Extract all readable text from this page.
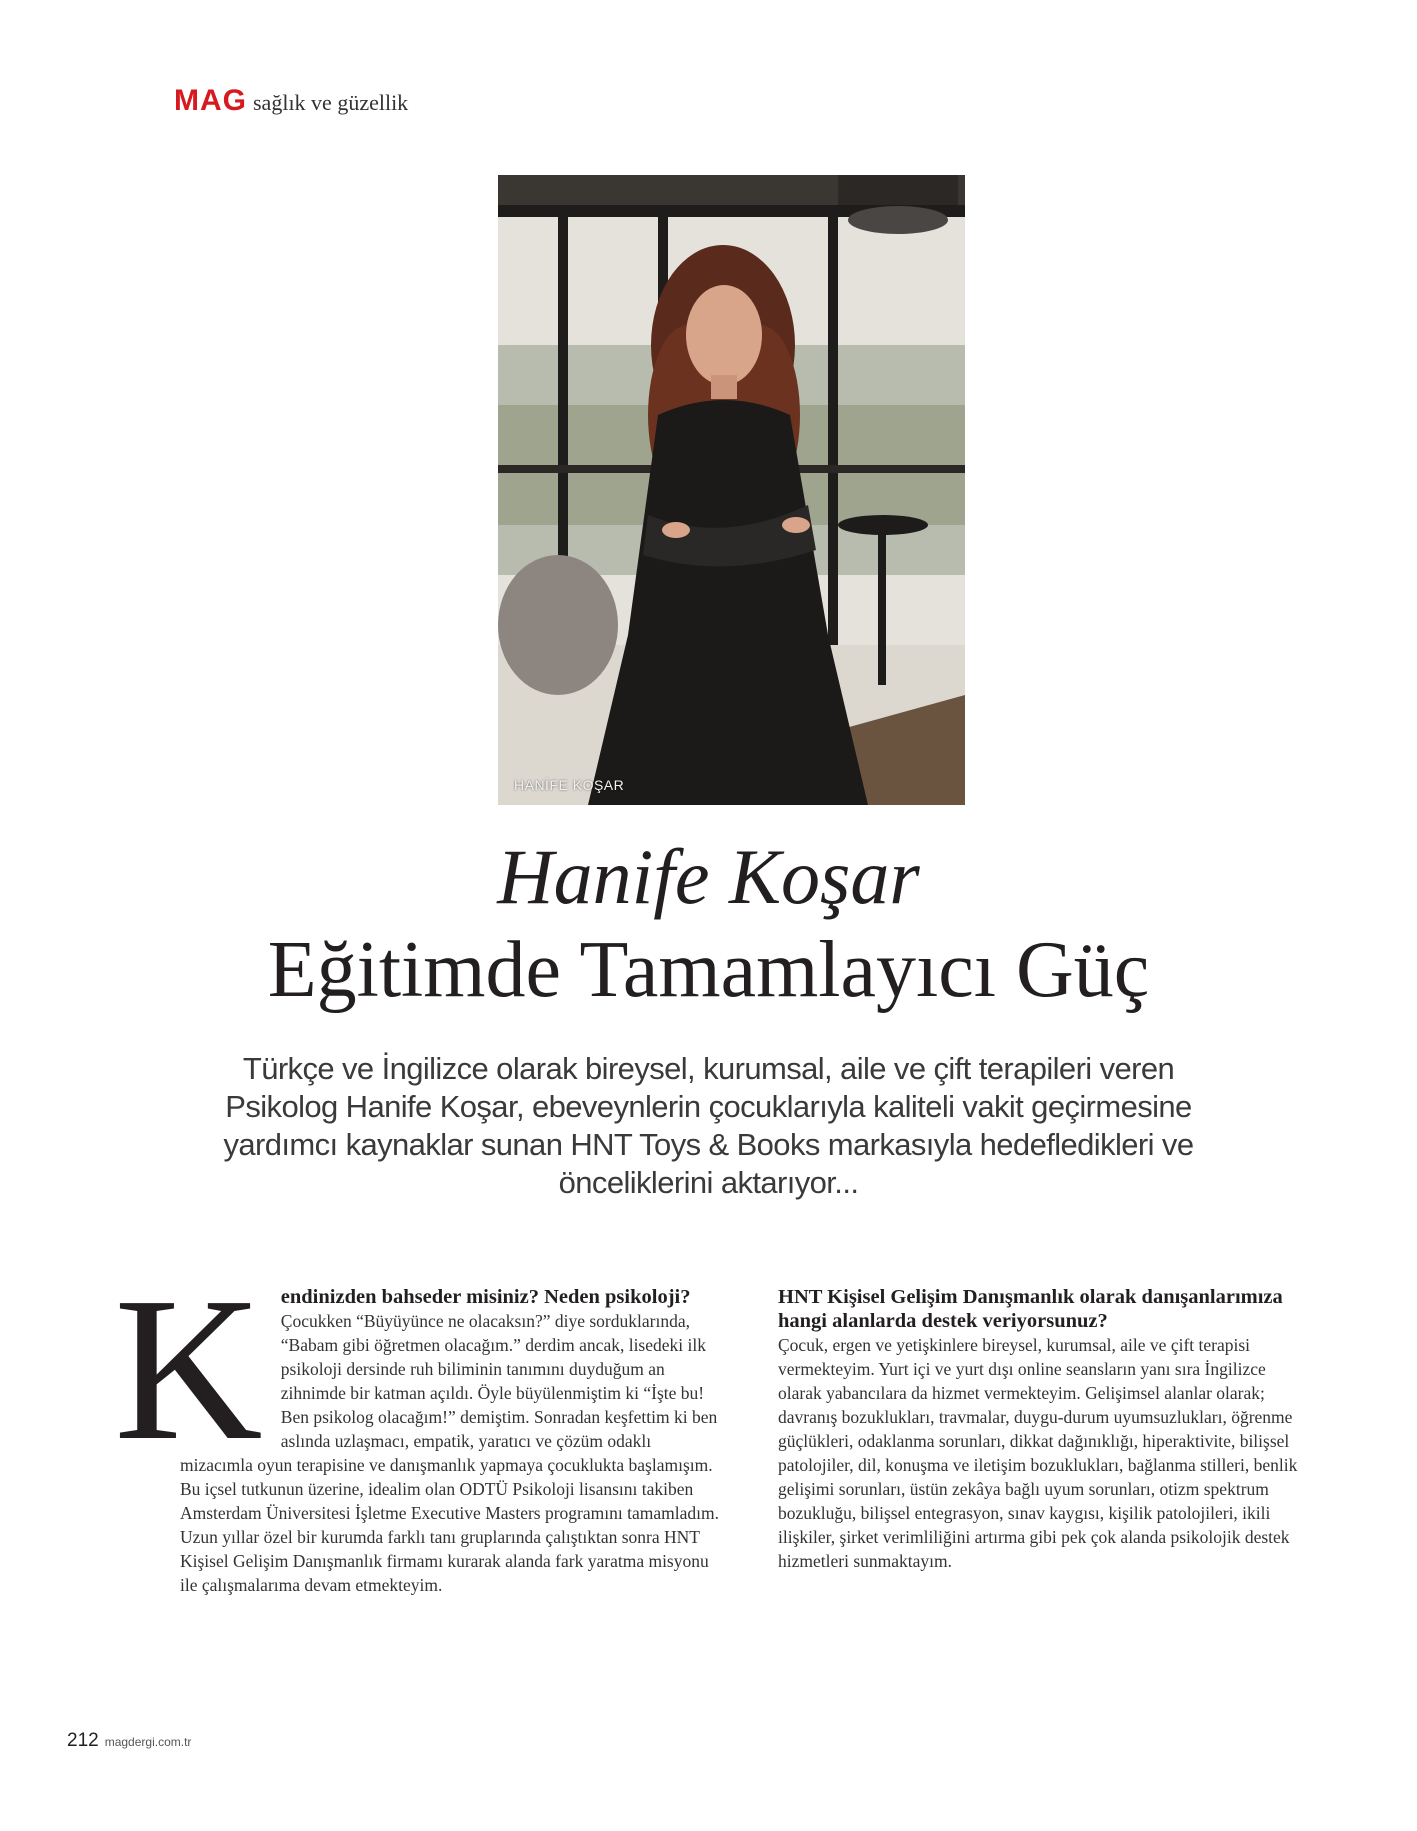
MAG sağlık ve güzellik
HANİFE KOŞAR
Hanife Koşar
Eğitimde Tamamlayıcı Güç

Türkçe ve İngilizce olarak bireysel, kurumsal, aile ve çift terapileri veren Psikolog Hanife Koşar, ebeveynlerin çocuklarıyla kaliteli vakit geçirmesine yardımcı kaynaklar sunan HNT Toys & Books markasıyla hedefledikleri ve önceliklerini aktarıyor...

K endinizden bahseder misiniz? Neden psikoloji?
Çocukken “Büyüyünce ne olacaksın?” diye sorduklarında, “Babam gibi öğretmen olacağım.” derdim ancak, lisedeki ilk psikoloji dersinde ruh biliminin tanımını duyduğum an zihnimde bir katman açıldı. Öyle büyülenmiştim ki “İşte bu! Ben psikolog olacağım!” demiştim. Sonradan keşfettim ki ben aslında uzlaşmacı, empatik, yaratıcı ve çözüm odaklı mizacımla oyun terapisine ve danışmanlık yapmaya çocuklukta başlamışım. Bu içsel tutkunun üzerine, idealim olan ODTÜ Psikoloji lisansını takiben Amsterdam Üniversitesi İşletme Executive Masters programını tamamladım. Uzun yıllar özel bir kurumda farklı tanı gruplarında çalıştıktan sonra HNT Kişisel Gelişim Danışmanlık firmamı kurarak alanda fark yaratma misyonu ile çalışmalarıma devam etmekteyim.
HNT Kişisel Gelişim Danışmanlık olarak danışanlarımıza hangi alanlarda destek veriyorsunuz?
Çocuk, ergen ve yetişkinlere bireysel, kurumsal, aile ve çift terapisi vermekteyim. Yurt içi ve yurt dışı online seansların yanı sıra İngilizce olarak yabancılara da hizmet vermekteyim. Gelişimsel alanlar olarak; davranış bozuklukları, travmalar, duygu-durum uyumsuzlukları, öğrenme güçlükleri, odaklanma sorunları, dikkat dağınıklığı, hiperaktivite, bilişsel patolojiler, dil, konuşma ve iletişim bozuklukları, bağlanma stilleri, benlik gelişimi sorunları, üstün zekâya bağlı uyum sorunları, otizm spektrum bozukluğu, bilişsel entegrasyon, sınav kaygısı, kişilik patolojileri, ikili ilişkiler, şirket verimliliğini artırma gibi pek çok alanda psikolojik destek hizmetleri sunmaktayım.
212 magdergi.com.tr
